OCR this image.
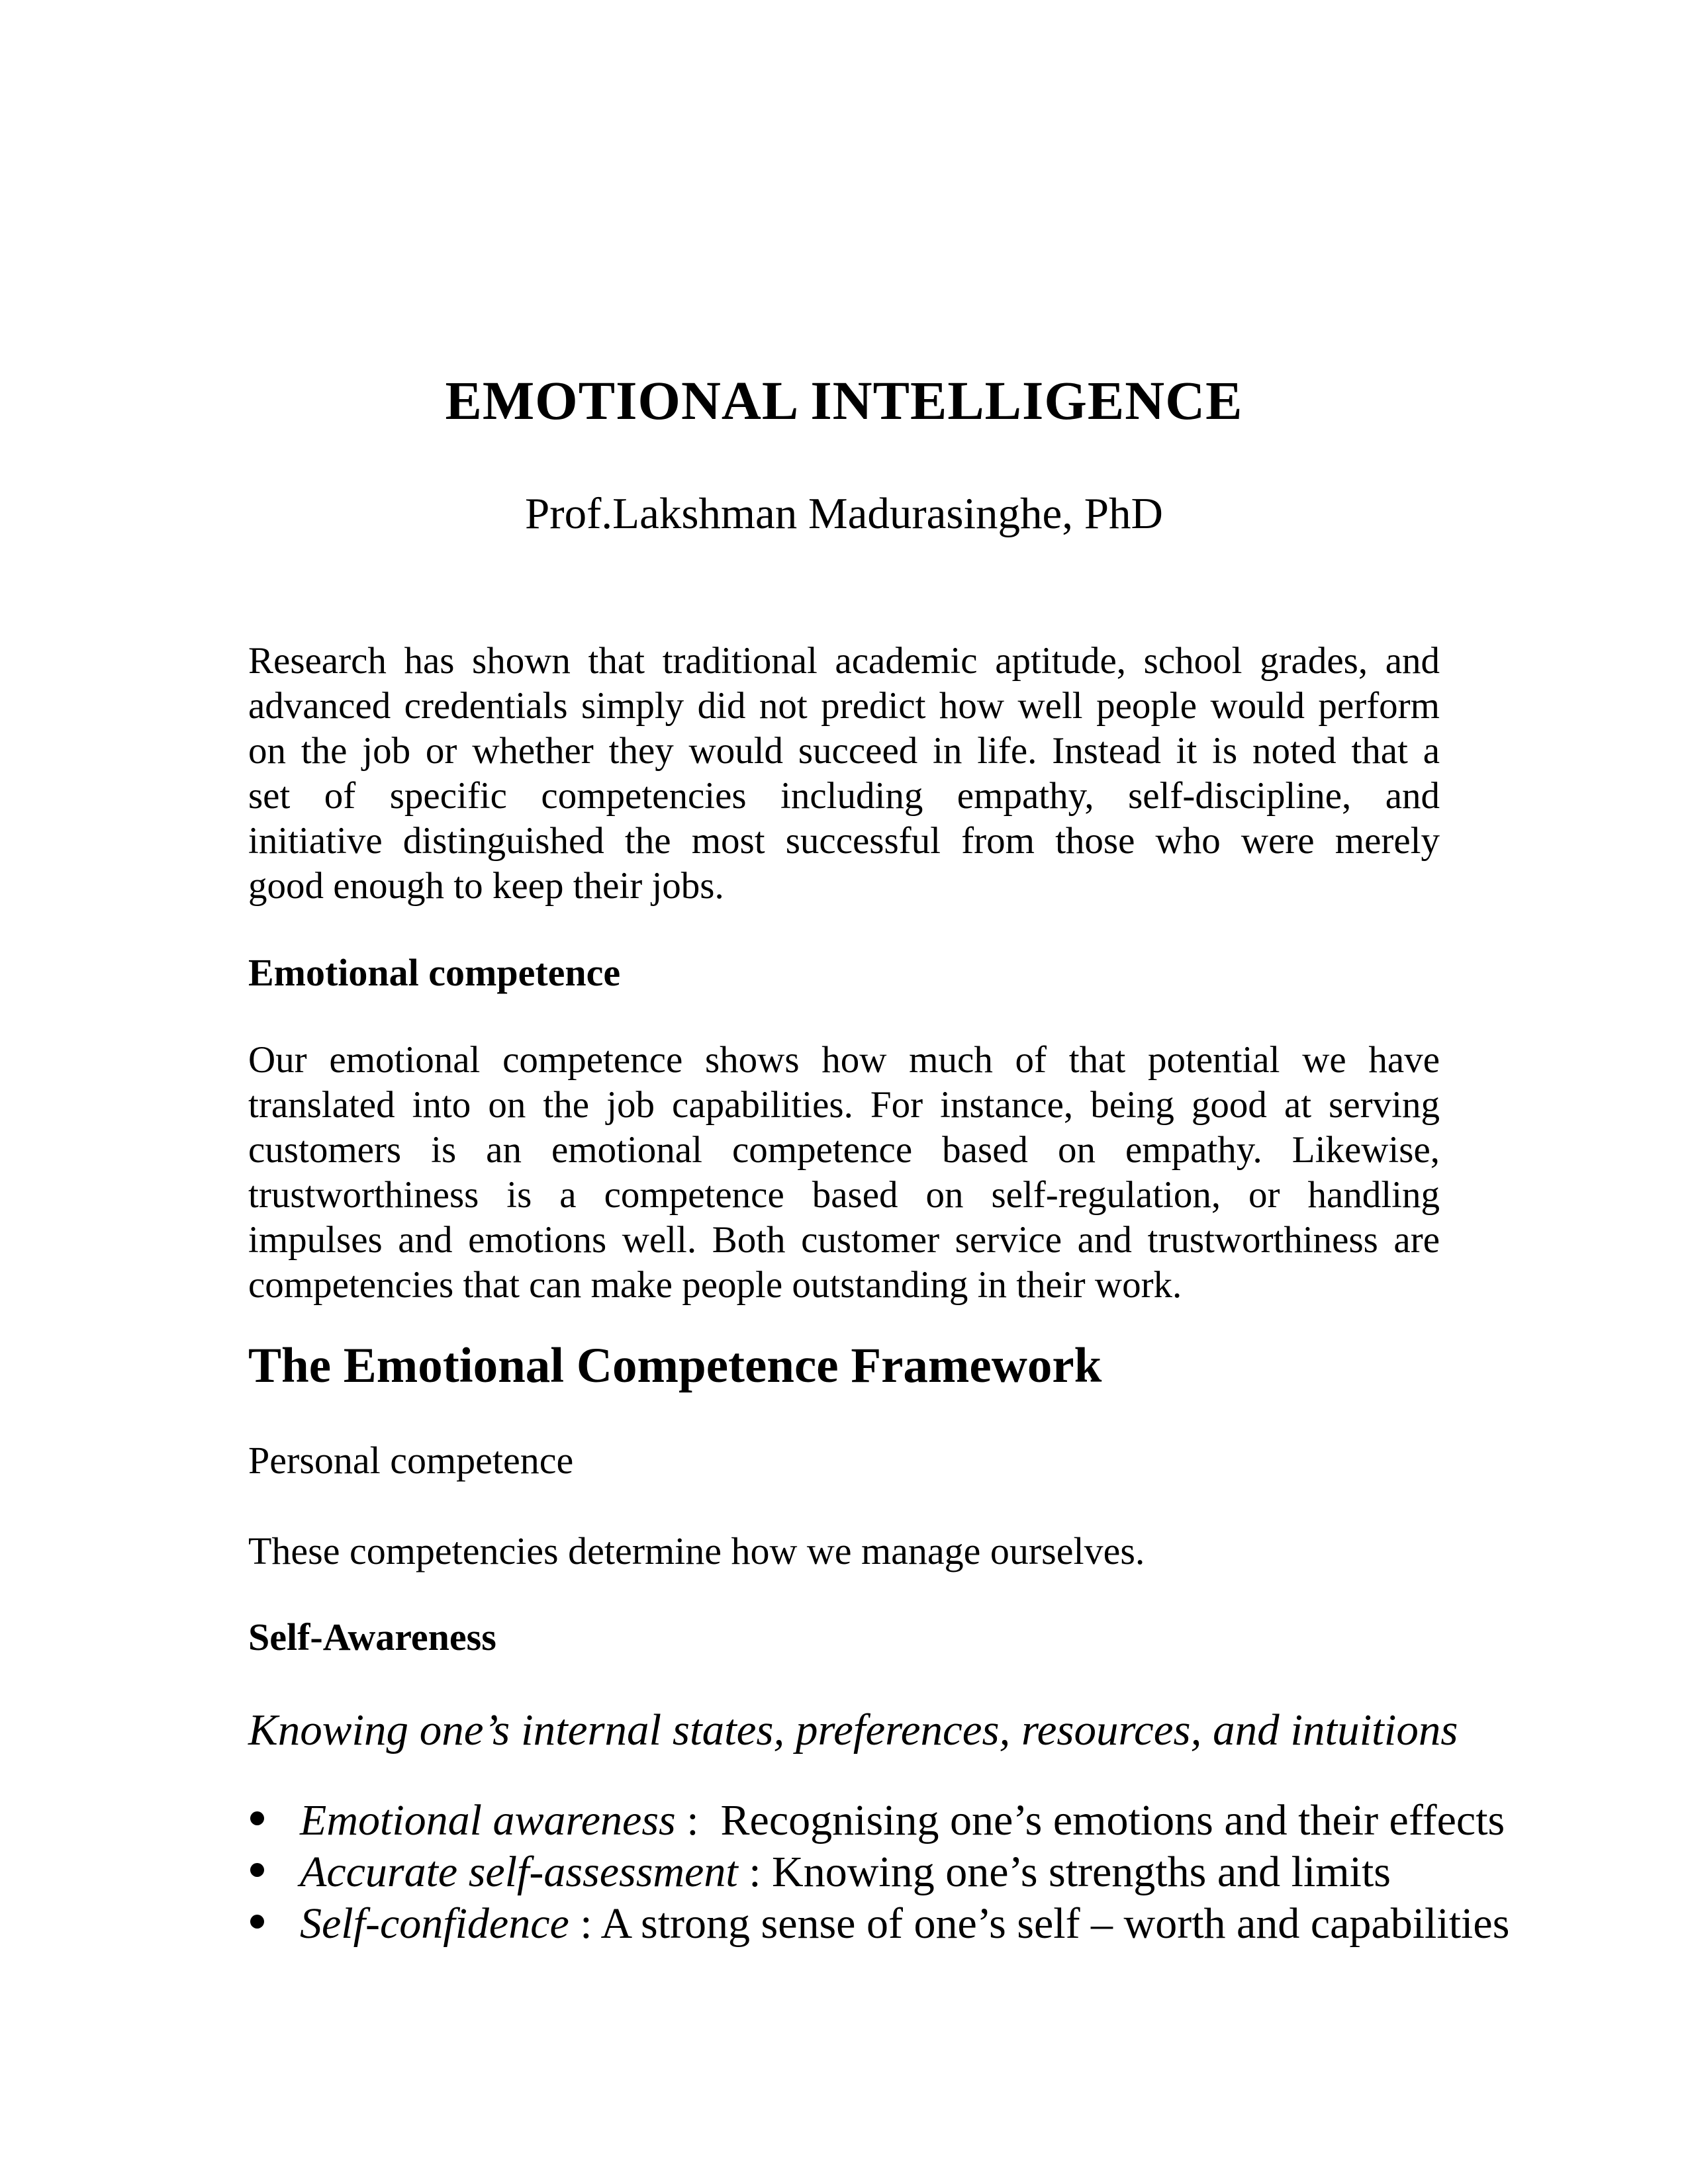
EMOTIONAL INTELLIGENCE
Prof.Lakshman Madurasinghe, PhD
Research has shown that traditional academic aptitude, school grades, and
advanced credentials simply did not predict how well people would perform
on the job or whether they would succeed in life. Instead it is noted that a
set of specific competencies including empathy, self-discipline, and
initiative distinguished the most successful from those who were merely
good enough to keep their jobs.
Emotional competence
Our emotional competence shows how much of that potential we have
translated into on the job capabilities. For instance, being good at serving
customers is an emotional competence based on empathy. Likewise,
trustworthiness is a competence based on self-regulation, or handling
impulses and emotions well. Both customer service and trustworthiness are
competencies that can make people outstanding in their work.
The Emotional Competence Framework
Personal competence
These competencies determine how we manage ourselves.
Self-Awareness
Knowing one’s internal states, preferences, resources, and intuitions
Emotional awareness :  Recognising one’s emotions and their effects
Accurate self-assessment : Knowing one’s strengths and limits
Self-confidence : A strong sense of one’s self – worth and capabilities
